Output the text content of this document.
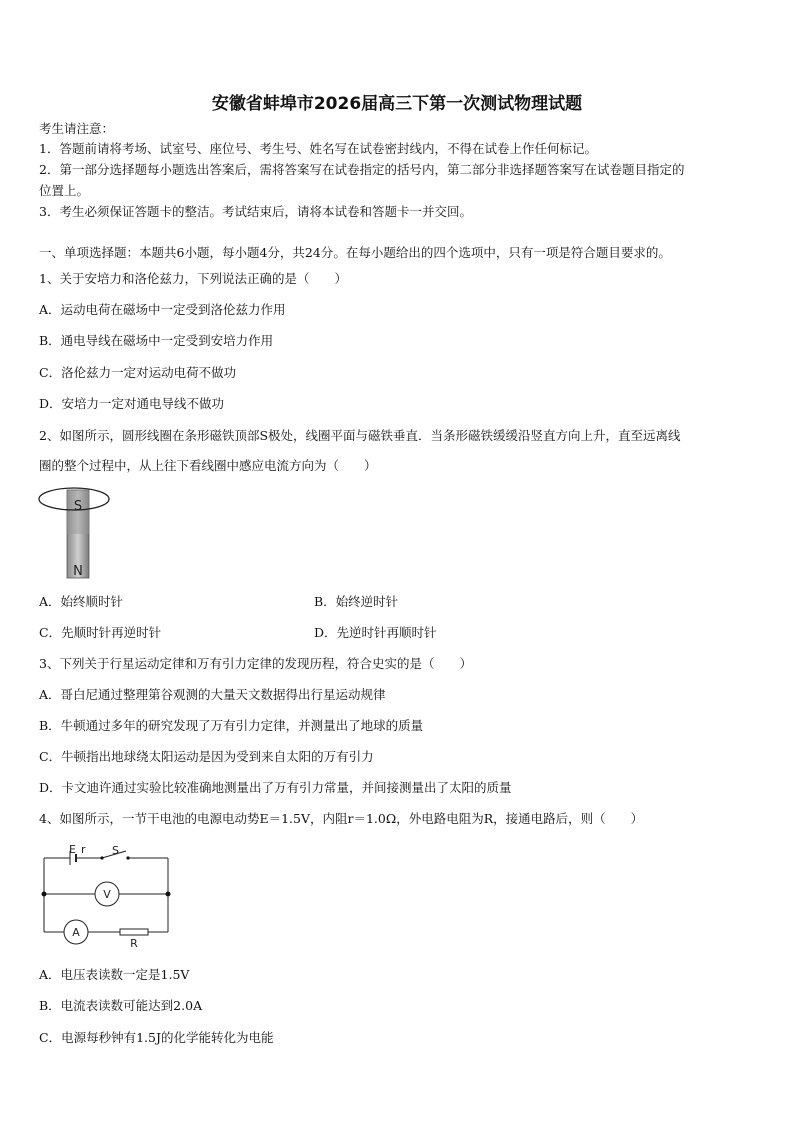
安徽省蚌埠市2026届高三下第一次测试物理试题
考生请注意：
1．答题前请将考场、试室号、座位号、考生号、姓名写在试卷密封线内，不得在试卷上作任何标记。
2．第一部分选择题每小题选出答案后，需将答案写在试卷指定的括号内，第二部分非选择题答案写在试卷题目指定的
位置上。
3．考生必须保证答题卡的整洁。考试结束后，请将本试卷和答题卡一并交回。
一、单项选择题：本题共6小题，每小题4分，共24分。在每小题给出的四个选项中，只有一项是符合题目要求的。
1、关于安培力和洛伦兹力，下列说法正确的是（　　）
A．运动电荷在磁场中一定受到洛伦兹力作用
B．通电导线在磁场中一定受到安培力作用
C．洛伦兹力一定对运动电荷不做功
D．安培力一定对通电导线不做功
2、如图所示，圆形线圈在条形磁铁顶部S极处，线圈平面与磁铁垂直．当条形磁铁缓缓沿竖直方向上升，直至远离线
圈的整个过程中，从上往下看线圈中感应电流方向为（　　）
S
N
A．始终顺时针	B．始终逆时针
C．先顺时针再逆时针	D．先逆时针再顺时针
3、下列关于行星运动定律和万有引力定律的发现历程，符合史实的是（　　）
A．哥白尼通过整理第谷观测的大量天文数据得出行星运动规律
B．牛顿通过多年的研究发现了万有引力定律，并测量出了地球的质量
C．牛顿指出地球绕太阳运动是因为受到来自太阳的万有引力
D．卡文迪许通过实验比较准确地测量出了万有引力常量，并间接测量出了太阳的质量
4、如图所示，一节干电池的电源电动势E＝1.5V，内阻r＝1.0Ω，外电路电阻为R，接通电路后，则（　　）
E r S
V
A
R
A．电压表读数一定是1.5V
B．电流表读数可能达到2.0A
C．电源每秒钟有1.5J的化学能转化为电能
